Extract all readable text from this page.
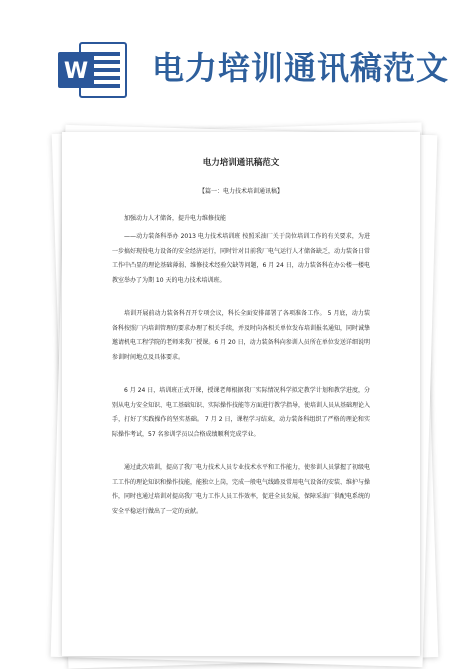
W 电力培训通讯稿范文
电力培训通讯稿范文
【篇一：电力技术培训通讯稿】
加强动力人才储备，提升电力维修技能

——动力装备科举办 2013 电力技术培训班 按照采油厂关于岗位培训工作的有关要求，为进一步搞好现役电力设备的安全经济运行，同时针对目前我厂电气运行人才储备缺乏，动力装备日常工作中凸显的理论基础薄弱、维修技术经验欠缺等问题，6 月 24 日，动力装备科在办公楼一楼电教室举办了为期 10 天的电力技术培训班。

培训开展前动力装备科召开专项会议，科长全面安排部署了各项准备工作。 5 月底，动力装备科按照厂内培训管理的要求办理了相关手续，并及时向各相关单位发布培训报名通知，同时诚挚邀请机电工程学院的老师来我厂授课。6 月 20 日，动力装备科向参训人员所在单位发送详细说明参训时间地点及具体要求。

6 月 24 日，培训班正式开课，授课老师根据我厂实际情况科学拟定教学计划和教学进度，分别从电力安全知识、电工基础知识、实际操作技能等方面进行教学指导，使培训人员从基础理论入手，打好了实践操作的坚实基础。 7 月 2 日，课程学习结束，动力装备科组织了严格的理论和实际操作考试，57 名参训学员以合格成绩顺利完成学业。

通过此次培训，提高了我厂电力技术人员专业技术水平和工作能力，使参训人员掌握了初级电工工作的理论知识和操作技能，能独立上岗，完成一般电气线路及常用电气设备的安装、维护与操作，同时也通过培训对提高我厂电力工作人员工作效率，促进全员发展，保障采油厂供配电系统的安全平稳运行做出了一定的贡献。
